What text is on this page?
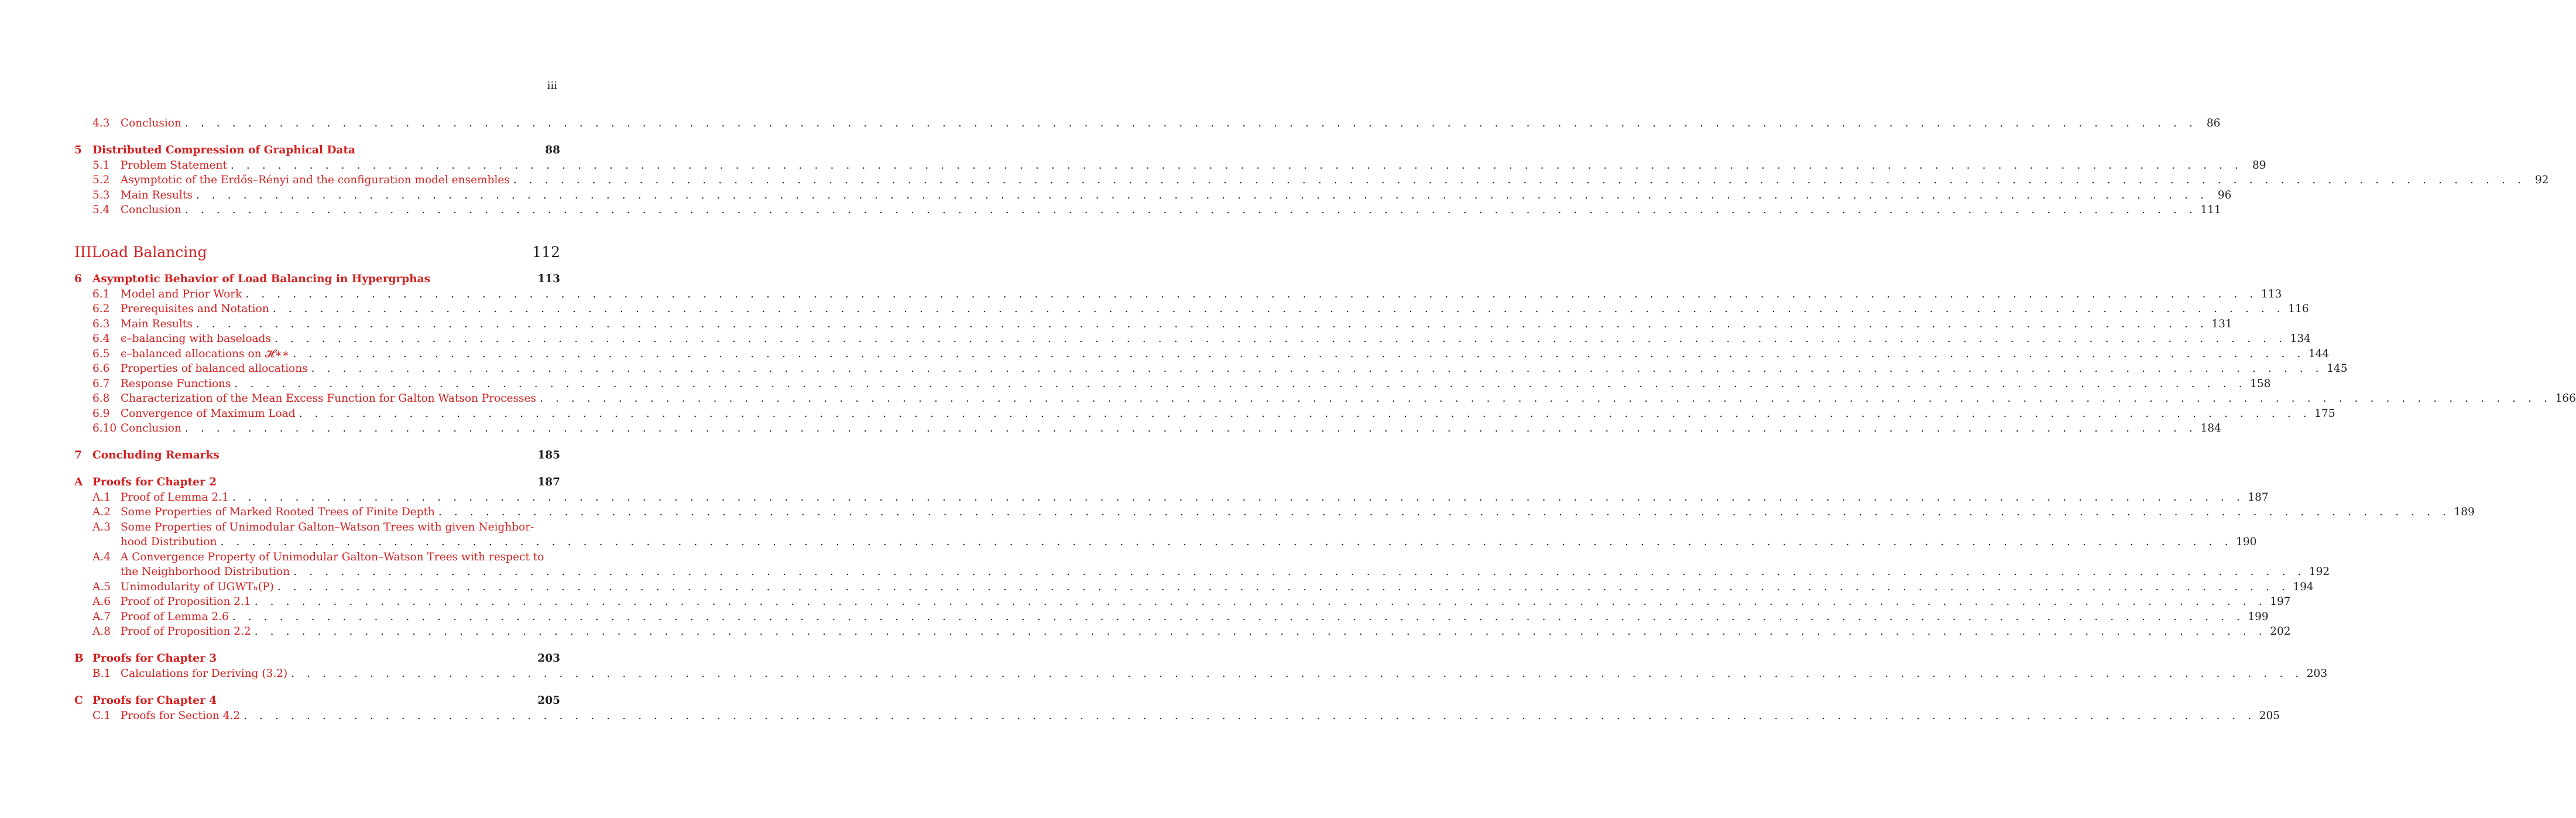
iii
4.3	Conclusion . . .	86
5 Distributed Compression of Graphical Data	88
5.1	Problem Statement . . .	89
5.2	Asymptotic of the Erdős–Rényi and the configuration model ensembles . . .	92
5.3	Main Results . . .	96
5.4	Conclusion . . .	111
IIILoad Balancing	112
6 Asymptotic Behavior of Load Balancing in Hypergrphas	113
6.1	Model and Prior Work . . .	113
6.2	Prerequisites and Notation . . .	116
6.3	Main Results . . .	131
6.4	ϵ–balancing with baseloads . . .	134
6.5	ϵ–balanced allocations on 𝓗∗∗ . . .	144
6.6	Properties of balanced allocations . . .	145
6.7	Response Functions . . .	158
6.8	Characterization of the Mean Excess Function for Galton Watson Processes . . .	166
6.9	Convergence of Maximum Load . . .	175
6.10 Conclusion . . .	184
7 Concluding Remarks	185
A Proofs for Chapter 2	187
A.1 Proof of Lemma 2.1 . . .	187
A.2 Some Properties of Marked Rooted Trees of Finite Depth . . .	189
A.3 Some Properties of Unimodular Galton–Watson Trees with given Neighbor-
hood Distribution . . .	190
A.4 A Convergence Property of Unimodular Galton–Watson Trees with respect to
the Neighborhood Distribution . . .	192
A.5 Unimodularity of UGWTₕ(P) . . .	194
A.6 Proof of Proposition 2.1 . . .	197
A.7 Proof of Lemma 2.6 . . .	199
A.8 Proof of Proposition 2.2 . . .	202
B Proofs for Chapter 3	203
B.1 Calculations for Deriving (3.2) . . .	203
C Proofs for Chapter 4	205
C.1 Proofs for Section 4.2 . . .	205
